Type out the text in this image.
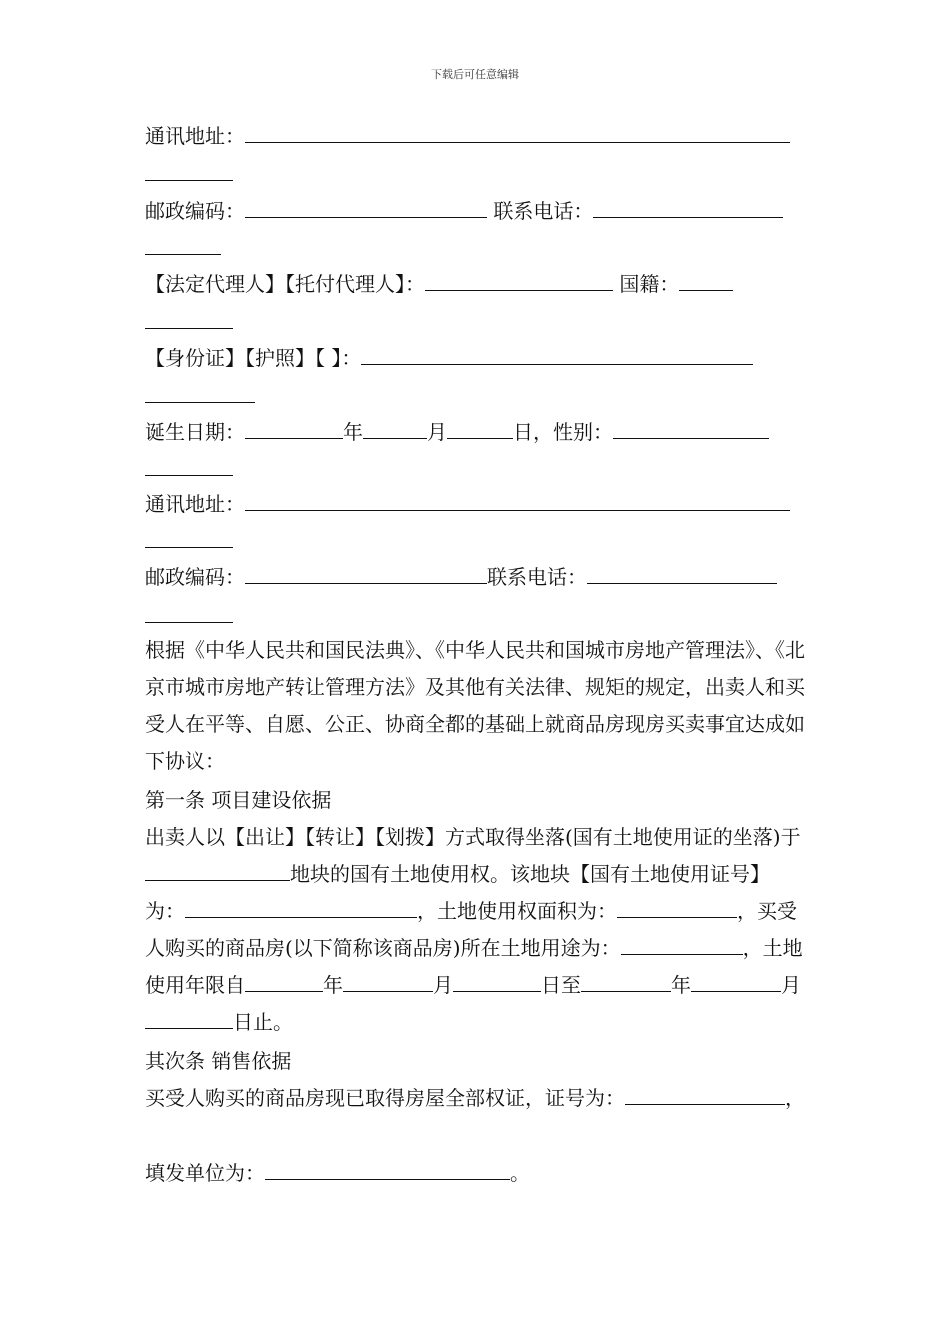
下载后可任意编辑
通讯地址：
邮政编码：	联系电话：
【法定代理人】【托付代理人】：	国籍：
【身份证】【护照】【 】：
诞生日期：	年	月	日，性别：
通讯地址：
邮政编码：	联系电话：
根据《中华人民共和国民法典》、《中华人民共和国城市房地产管理法》、《北京市城市房地产转让管理方法》及其他有关法律、规矩的规定，出卖人和买受人在平等、自愿、公正、协商全都的基础上就商品房现房买卖事宜达成如下协议：
第一条 项目建设依据
出卖人以【出让】【转让】【划拨】方式取得坐落(国有土地使用证的坐落)于地块的国有土地使用权。该地块【国有土地使用证号】为：	，土地使用权面积为：	，买受人购买的商品房(以下简称该商品房)所在土地用途为：	，土地使用年限自	年	月	日至	年	月日止。
其次条 销售依据
买受人购买的商品房现已取得房屋全部权证，证号为：	，
填发单位为：	。
